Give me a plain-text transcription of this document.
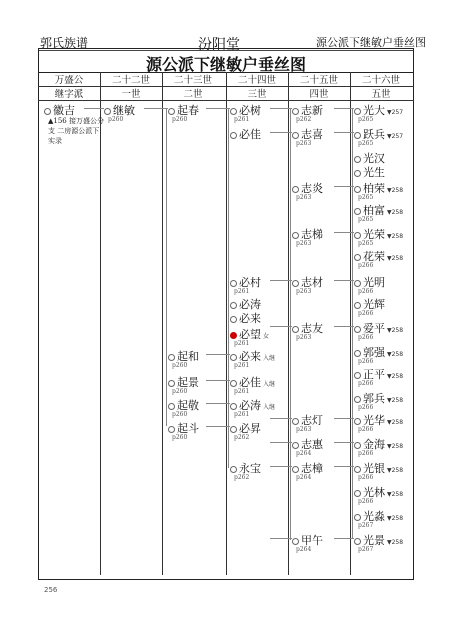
郭氏族谱	汾阳堂	源公派下继敏户垂丝图
源公派下继敏户垂丝图
万盛公	二十二世	二十三世	二十四世	二十五世	二十六世
继字派	一世	二世	三世	四世	五世
徽吉
▲156 接万盛公分支 二房源公派下 实录
继敏
p260
起春
p260
必树
p261
必佳
志新
p262
光大 ▼257
p265
志喜
p263
跃兵 ▼257
p265
光汉
光生
志炎
p263
柏荣 ▼258
p265
柏富 ▼258
p265
志梯
p263
光荣 ▼258
p265
花荣 ▼258
p266
必村
p261
志材
p263
光明
p266
必涛	光辉
p266
必来
必望 女
p261
志友
p263
爱平 ▼258
p266
郭强 ▼258
p266
起和
p260
必来 入继
p261
正平 ▼258
p266
起景
p260
必佳 入继
p261
郭兵 ▼258
p266
起敬
p260
必涛 入继
p261
起斗
p260
必昇
p262
志灯
p263
光华 ▼258
p266
志惠
p264
金海 ▼258
p266
永宝
p262
志樟
p264
光银 ▼258
p266
光林 ▼258
p266
光淼 ▼258
p267
甲午
p264
光景 ▼258
p267
256
